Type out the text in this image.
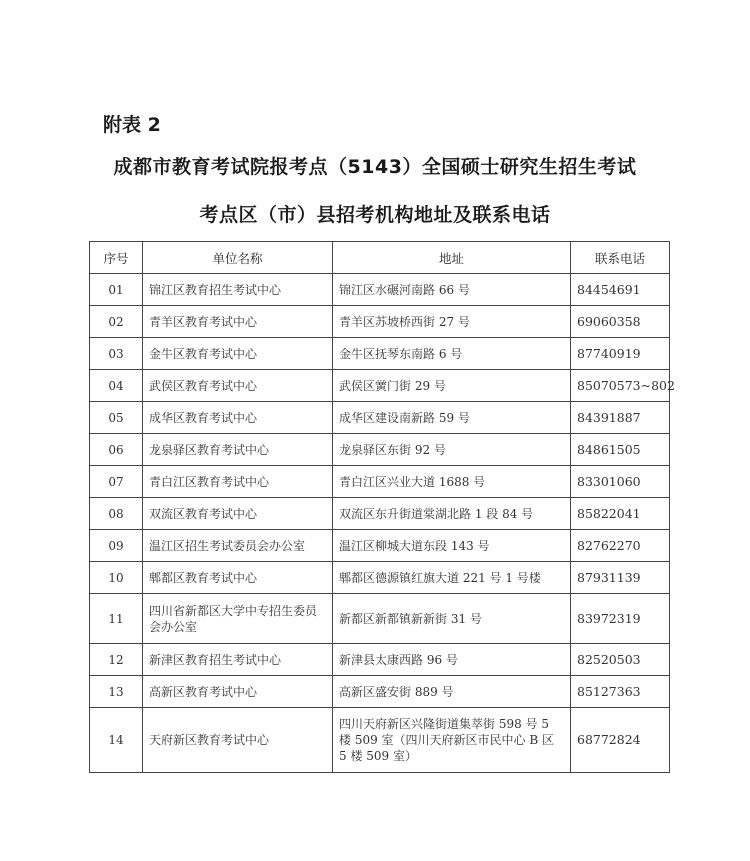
附表 2
成都市教育考试院报考点（5143）全国硕士研究生招生考试
考点区（市）县招考机构地址及联系电话
序号	单位名称	地址	联系电话
01	锦江区教育招生考试中心	锦江区水碾河南路 66 号	84454691
02	青羊区教育考试中心	青羊区苏坡桥西街 27 号	69060358
03	金牛区教育考试中心	金牛区抚琴东南路 6 号	87740919
04	武侯区教育考试中心	武侯区黉门街 29 号	85070573~802
05	成华区教育考试中心	成华区建设南新路 59 号	84391887
06	龙泉驿区教育考试中心	龙泉驿区东街 92 号	84861505
07	青白江区教育考试中心	青白江区兴业大道 1688 号	83301060
08	双流区教育考试中心	双流区东升街道棠湖北路 1 段 84 号	85822041
09	温江区招生考试委员会办公室	温江区柳城大道东段 143 号	82762270
10	郫都区教育考试中心	郫都区德源镇红旗大道 221 号 1 号楼	87931139
11	四川省新都区大学中专招生委员会办公室	新都区新都镇新新街 31 号	83972319
12	新津区教育招生考试中心	新津县太康西路 96 号	82520503
13	高新区教育考试中心	高新区盛安街 889 号	85127363
14	天府新区教育考试中心	四川天府新区兴隆街道集萃街 598 号 5 楼 509 室（四川天府新区市民中心 B 区 5 楼 509 室）	68772824
